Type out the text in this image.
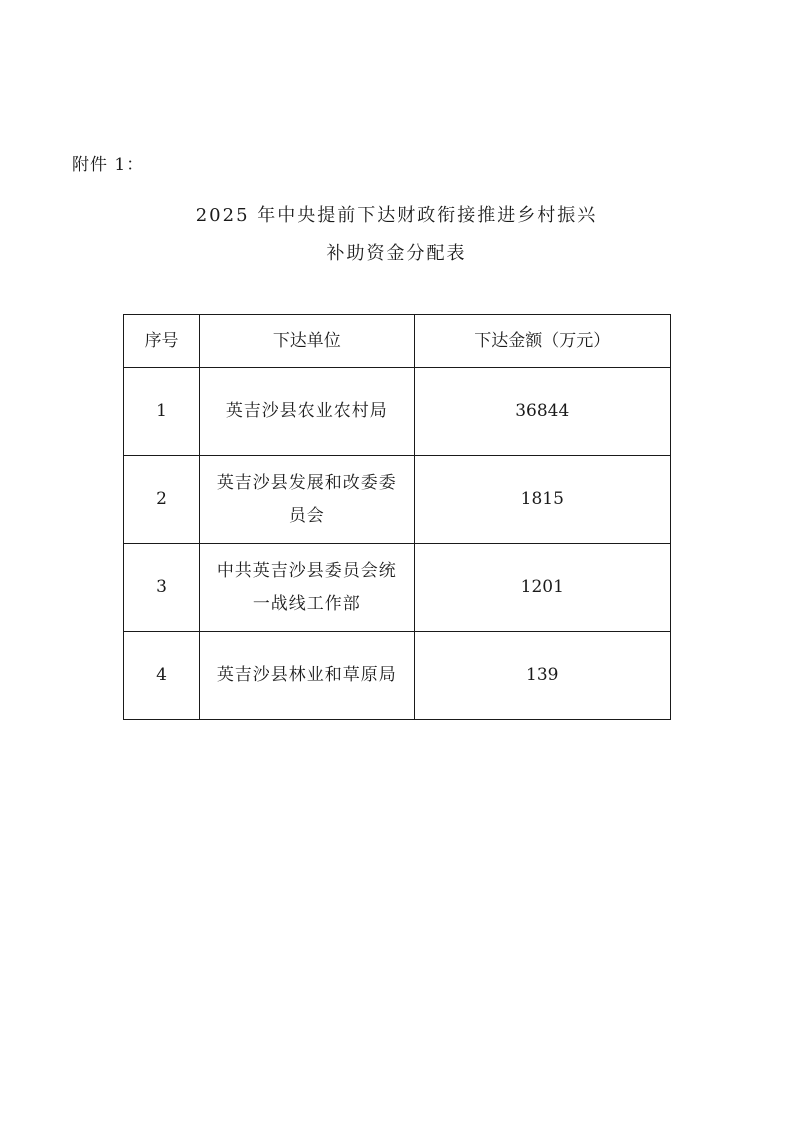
附件 1：
2025 年中央提前下达财政衔接推进乡村振兴
补助资金分配表
序号	下达单位	下达金额（万元）
1	英吉沙县农业农村局	36844
2	英吉沙县发展和改委委员会	1815
3	中共英吉沙县委员会统一战线工作部	1201
4	英吉沙县林业和草原局	139
